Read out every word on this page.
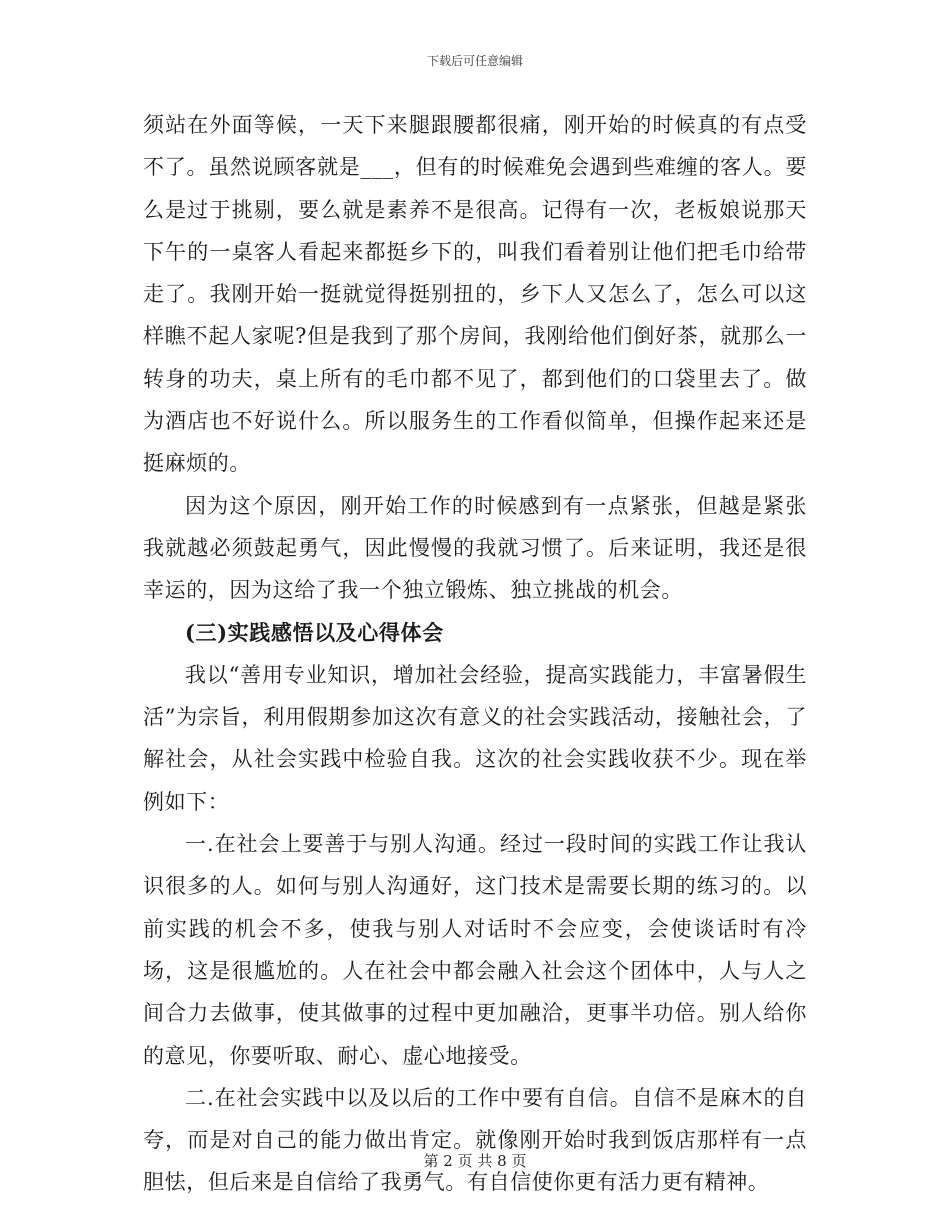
下载后可任意编辑

须站在外面等候，一天下来腿跟腰都很痛，刚开始的时候真的有点受不了。虽然说顾客就是___，但有的时候难免会遇到些难缠的客人。要么是过于挑剔，要么就是素养不是很高。记得有一次，老板娘说那天下午的一桌客人看起来都挺乡下的，叫我们看着别让他们把毛巾给带走了。我刚开始一挺就觉得挺别扭的，乡下人又怎么了，怎么可以这样瞧不起人家呢?但是我到了那个房间，我刚给他们倒好茶，就那么一转身的功夫，桌上所有的毛巾都不见了，都到他们的口袋里去了。做为酒店也不好说什么。所以服务生的工作看似简单，但操作起来还是挺麻烦的。

因为这个原因，刚开始工作的时候感到有一点紧张，但越是紧张我就越必须鼓起勇气，因此慢慢的我就习惯了。后来证明，我还是很幸运的，因为这给了我一个独立锻炼、独立挑战的机会。

(三)实践感悟以及心得体会

我以“善用专业知识，增加社会经验，提高实践能力，丰富暑假生活”为宗旨，利用假期参加这次有意义的社会实践活动，接触社会，了解社会，从社会实践中检验自我。这次的社会实践收获不少。现在举例如下：

一.在社会上要善于与别人沟通。经过一段时间的实践工作让我认识很多的人。如何与别人沟通好，这门技术是需要长期的练习的。以前实践的机会不多，使我与别人对话时不会应变，会使谈话时有冷场，这是很尴尬的。人在社会中都会融入社会这个团体中，人与人之间合力去做事，使其做事的过程中更加融洽，更事半功倍。别人给你的意见，你要听取、耐心、虚心地接受。

二.在社会实践中以及以后的工作中要有自信。自信不是麻木的自夸，而是对自己的能力做出肯定。就像刚开始时我到饭店那样有一点胆怯，但后来是自信给了我勇气。有自信使你更有活力更有精神。

第 2 页 共 8 页
